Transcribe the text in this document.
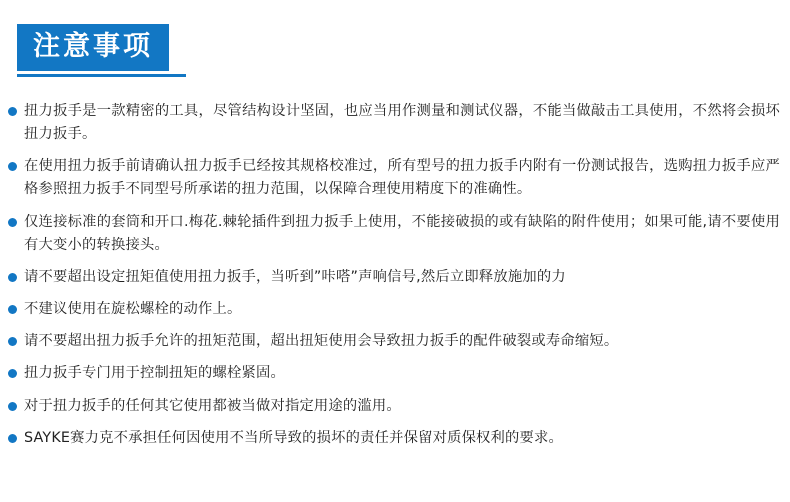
注意事项
扭力扳手是一款精密的工具，尽管结构设计坚固，也应当用作测量和测试仪器，不能当做敲击工具使用，不然将会损坏扭力扳手。
在使用扭力扳手前请确认扭力扳手已经按其规格校准过，所有型号的扭力扳手内附有一份测试报告，选购扭力扳手应严格参照扭力扳手不同型号所承诺的扭力范围，以保障合理使用精度下的准确性。
仅连接标准的套筒和开口.梅花.棘轮插件到扭力扳手上使用，不能接破损的或有缺陷的附件使用；如果可能,请不要使用有大变小的转换接头。
请不要超出设定扭矩值使用扭力扳手，当听到”咔嗒”声响信号,然后立即释放施加的力
不建议使用在旋松螺栓的动作上。
请不要超出扭力扳手允许的扭矩范围，超出扭矩使用会导致扭力扳手的配件破裂或寿命缩短。
扭力扳手专门用于控制扭矩的螺栓紧固。
对于扭力扳手的任何其它使用都被当做对指定用途的滥用。
SAYKE赛力克不承担任何因使用不当所导致的损坏的责任并保留对质保权利的要求。
